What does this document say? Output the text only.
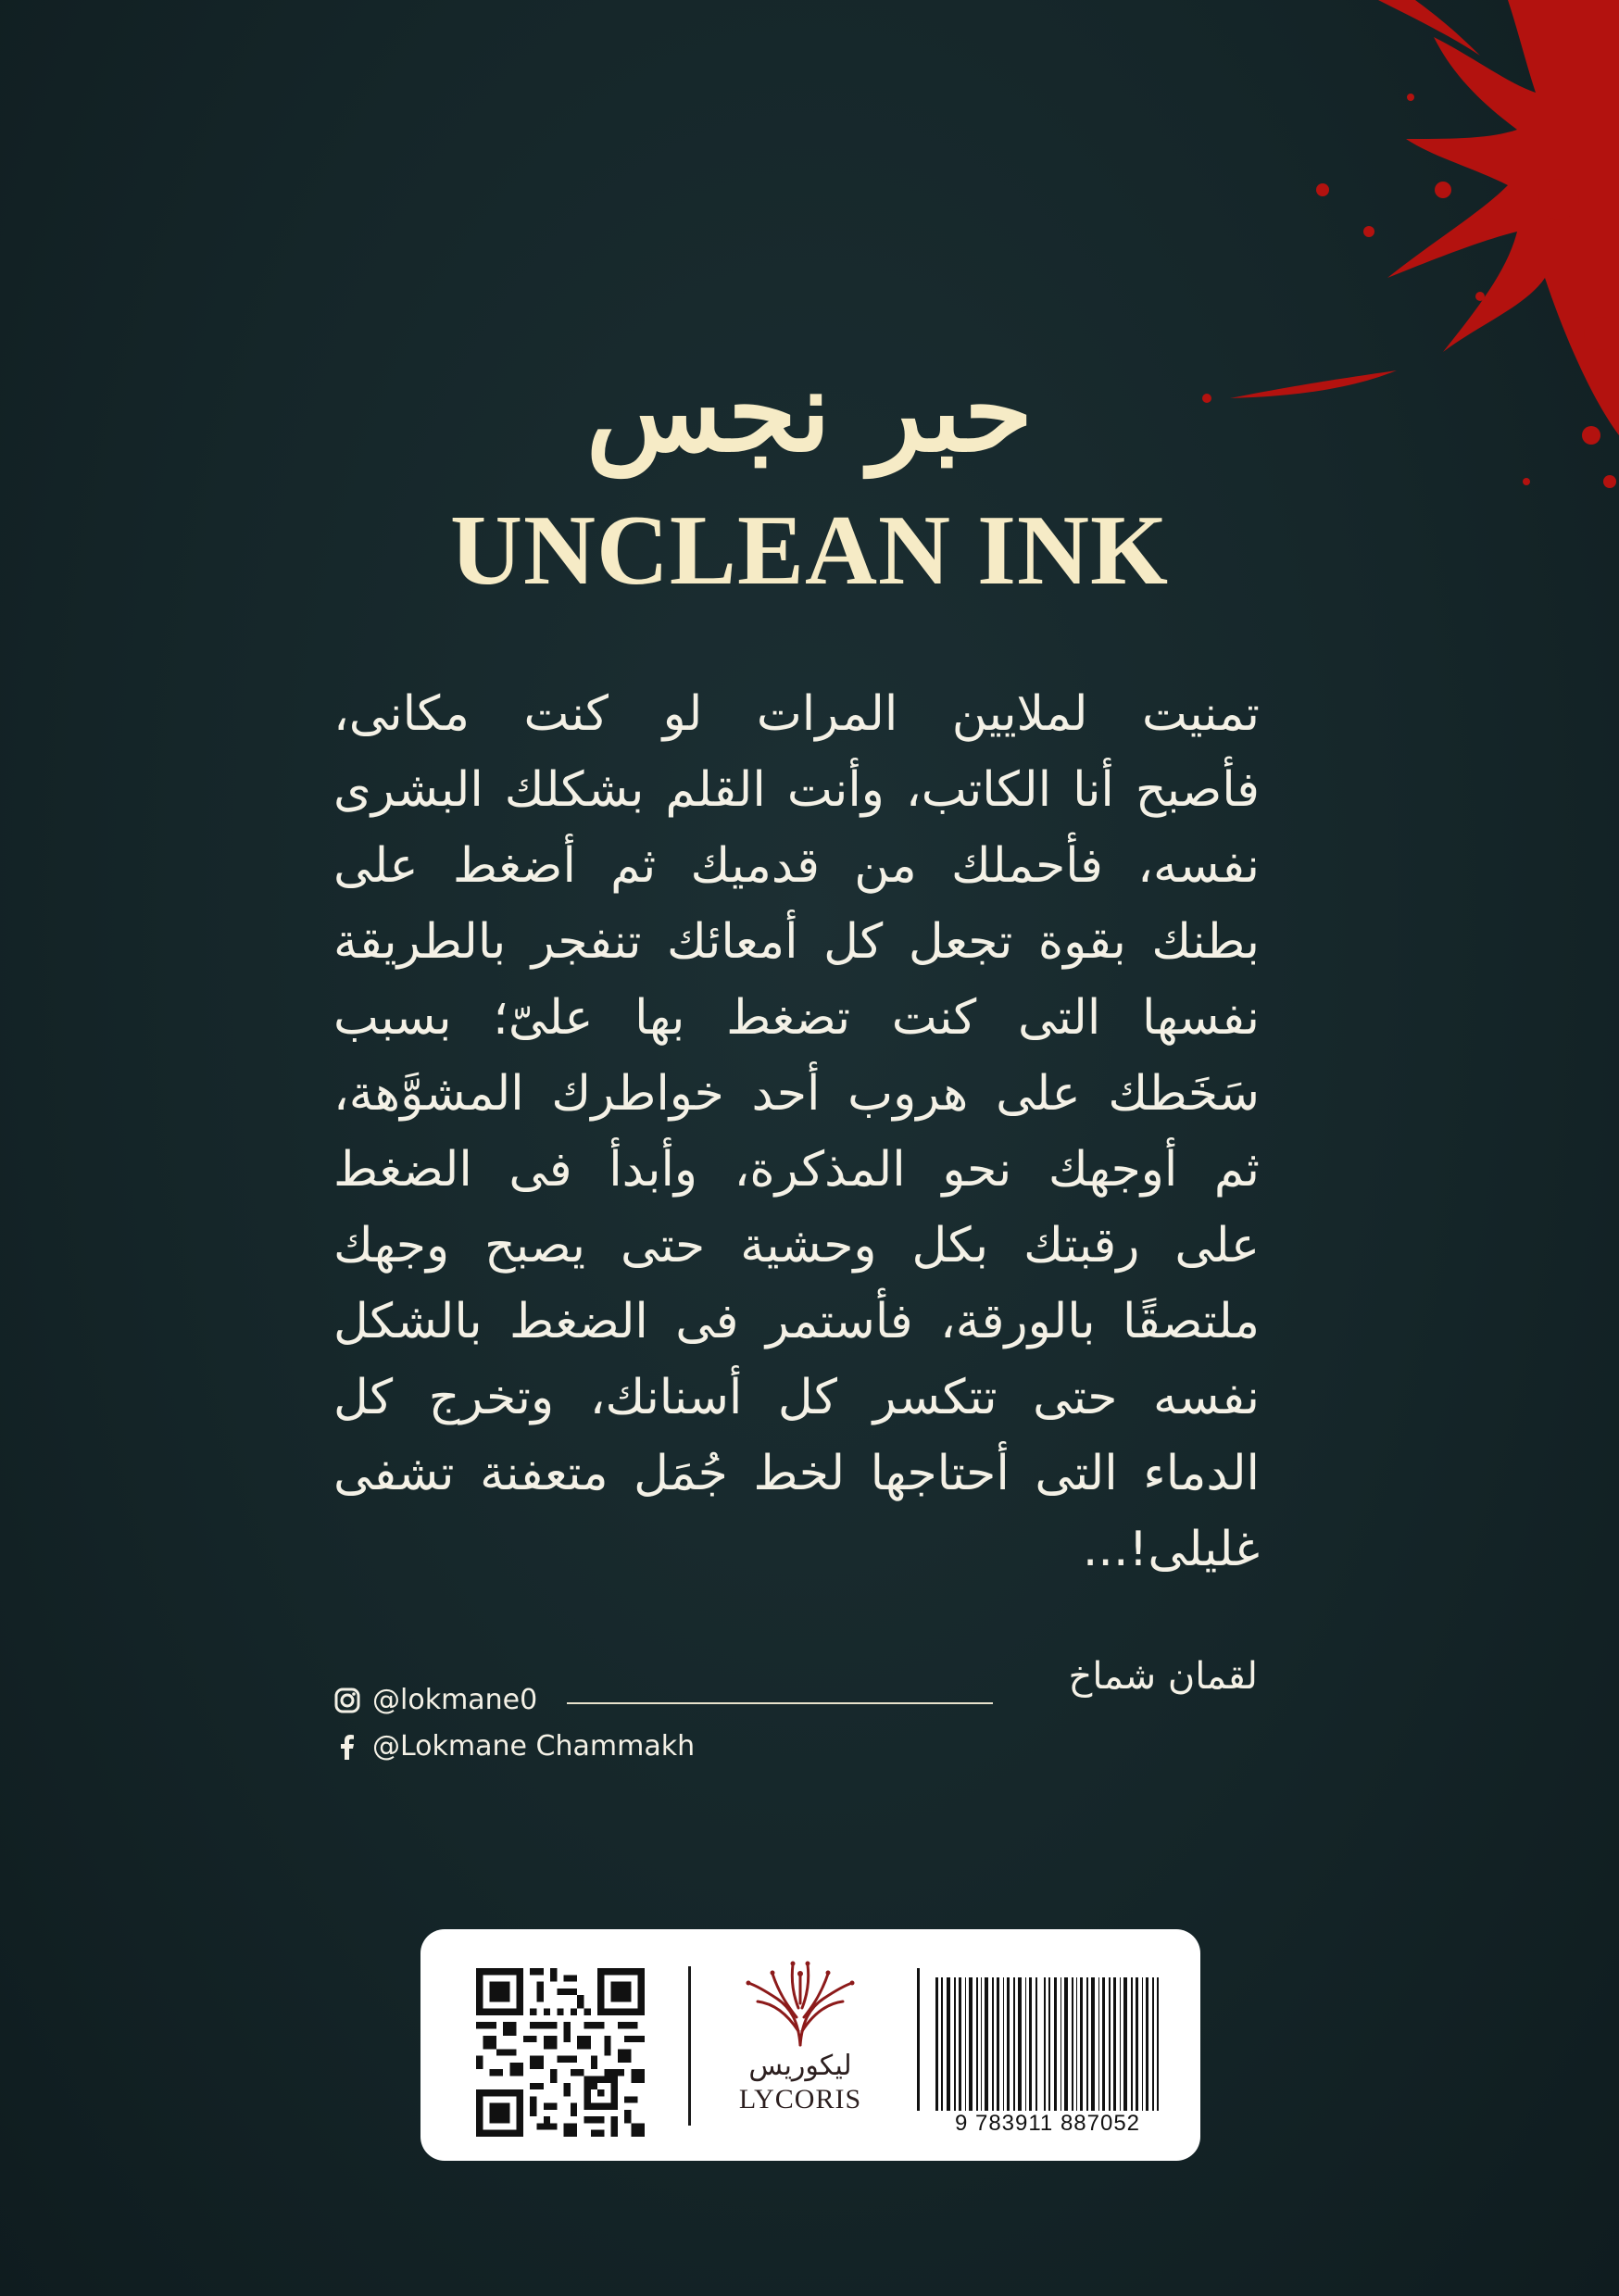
حبر نجس
UNCLEAN INK
تمنيت لملايين المرات لو كنت مكانى،
فأصبح أنا الكاتب، وأنت القلم بشكلك البشرى
نفسه، فأحملك من قدميك ثم أضغط على
بطنك بقوة تجعل كل أمعائك تنفجر بالطريقة
نفسها التى كنت تضغط بها علىّ؛ بسبب
سَخَطك على هروب أحد خواطرك المشوَّهة،
ثم أوجهك نحو المذكرة، وأبدأ فى الضغط
على رقبتك بكل وحشية حتى يصبح وجهك
ملتصقًا بالورقة، فأستمر فى الضغط بالشكل
نفسه حتى تتكسر كل أسنانك، وتخرج كل
الدماء التى أحتاجها لخط جُمَل متعفنة تشفى
غليلى!...
لقمان شماخ
@lokmane0
@Lokmane Chammakh
ليكوريس
LYCORIS
9 783911 887052
